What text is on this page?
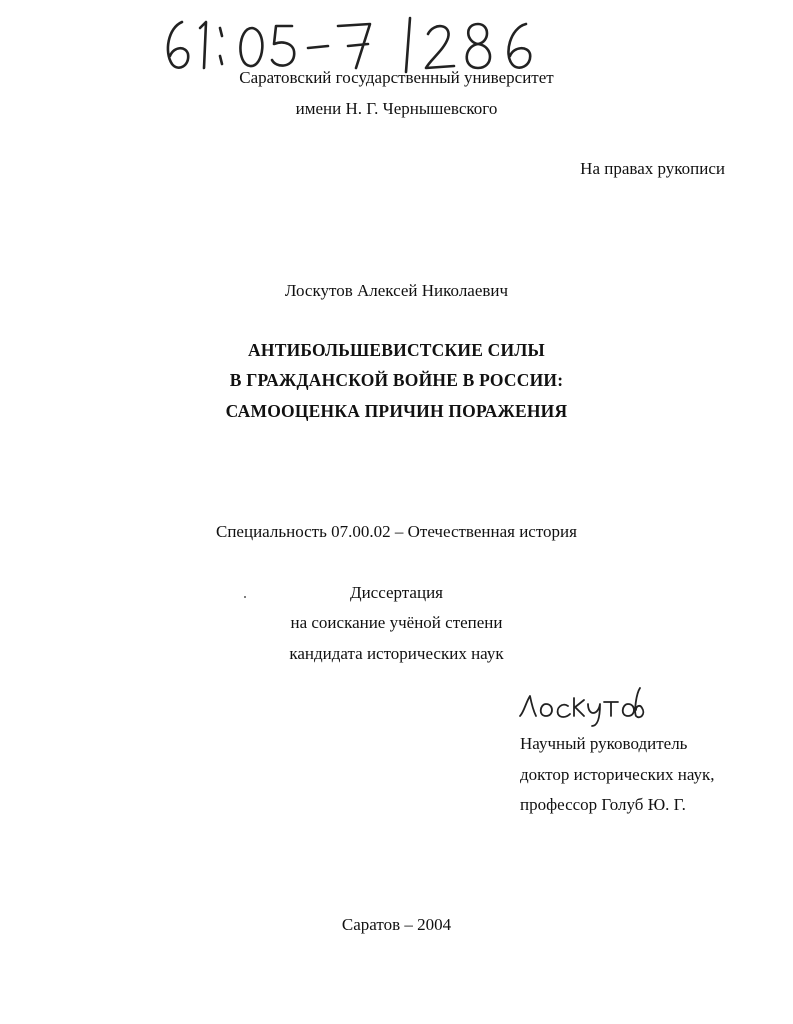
Саратовский государственный университет
имени Н. Г. Чернышевского
На правах рукописи
Лоскутов Алексей Николаевич
АНТИБОЛЬШЕВИСТСКИЕ СИЛЫ
В ГРАЖДАНСКОЙ ВОЙНЕ В РОССИИ:
САМООЦЕНКА ПРИЧИН ПОРАЖЕНИЯ
Специальность 07.00.02 – Отечественная история
Диссертация
на соискание учёной степени
кандидата исторических наук
Научный руководитель
доктор исторических наук,
профессор Голуб Ю. Г.
Саратов – 2004
